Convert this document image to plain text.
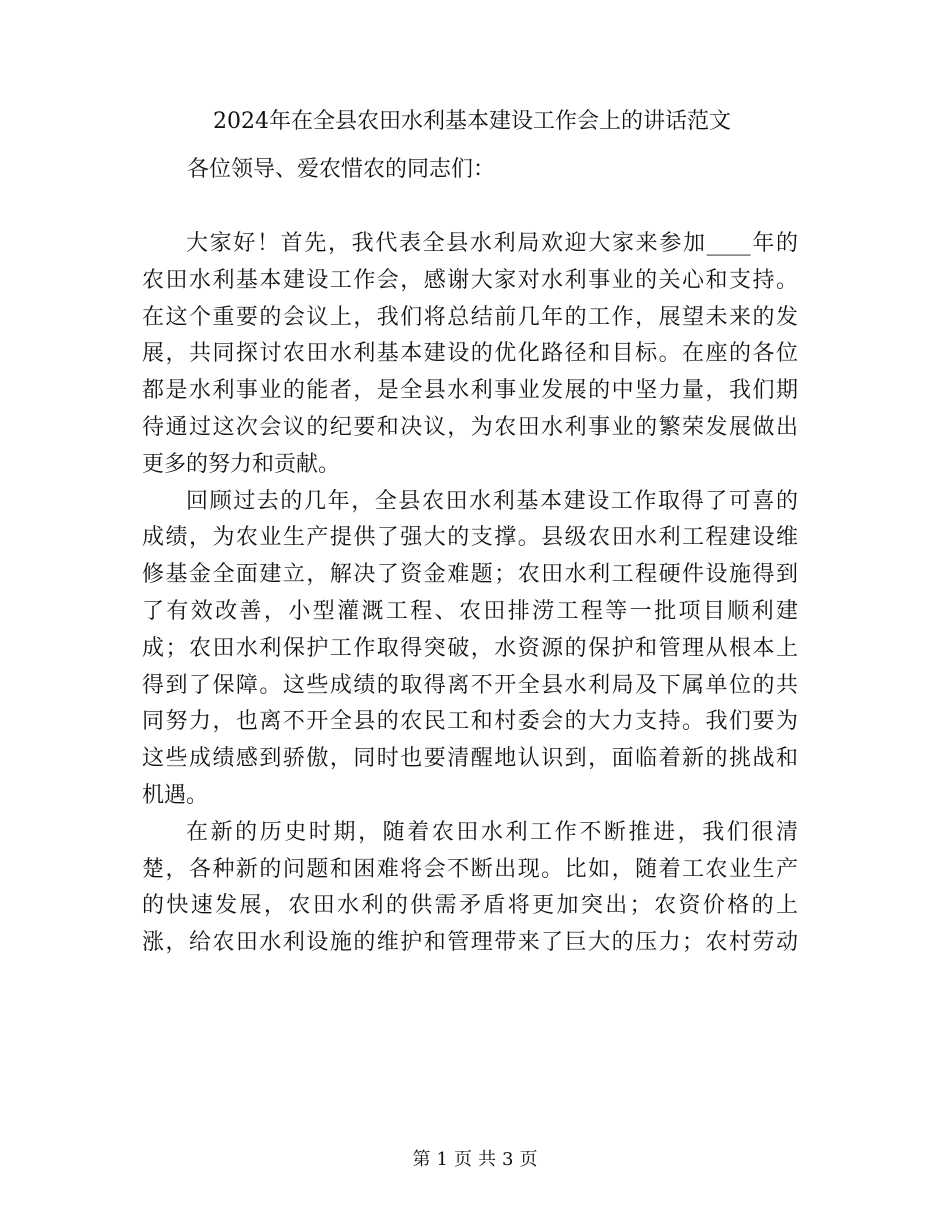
2024年在全县农田水利基本建设工作会上的讲话范文
各位领导、爱农惜农的同志们：
大家好！首先，我代表全县水利局欢迎大家来参加____年的
农田水利基本建设工作会，感谢大家对水利事业的关心和支持。
在这个重要的会议上，我们将总结前几年的工作，展望未来的发
展，共同探讨农田水利基本建设的优化路径和目标。在座的各位
都是水利事业的能者，是全县水利事业发展的中坚力量，我们期
待通过这次会议的纪要和决议，为农田水利事业的繁荣发展做出
更多的努力和贡献。
回顾过去的几年，全县农田水利基本建设工作取得了可喜的
成绩，为农业生产提供了强大的支撑。县级农田水利工程建设维
修基金全面建立，解决了资金难题；农田水利工程硬件设施得到
了有效改善，小型灌溉工程、农田排涝工程等一批项目顺利建
成；农田水利保护工作取得突破，水资源的保护和管理从根本上
得到了保障。这些成绩的取得离不开全县水利局及下属单位的共
同努力，也离不开全县的农民工和村委会的大力支持。我们要为
这些成绩感到骄傲，同时也要清醒地认识到，面临着新的挑战和
机遇。
在新的历史时期，随着农田水利工作不断推进，我们很清
楚，各种新的问题和困难将会不断出现。比如，随着工农业生产
的快速发展，农田水利的供需矛盾将更加突出；农资价格的上
涨，给农田水利设施的维护和管理带来了巨大的压力；农村劳动
第 1 页 共 3 页
